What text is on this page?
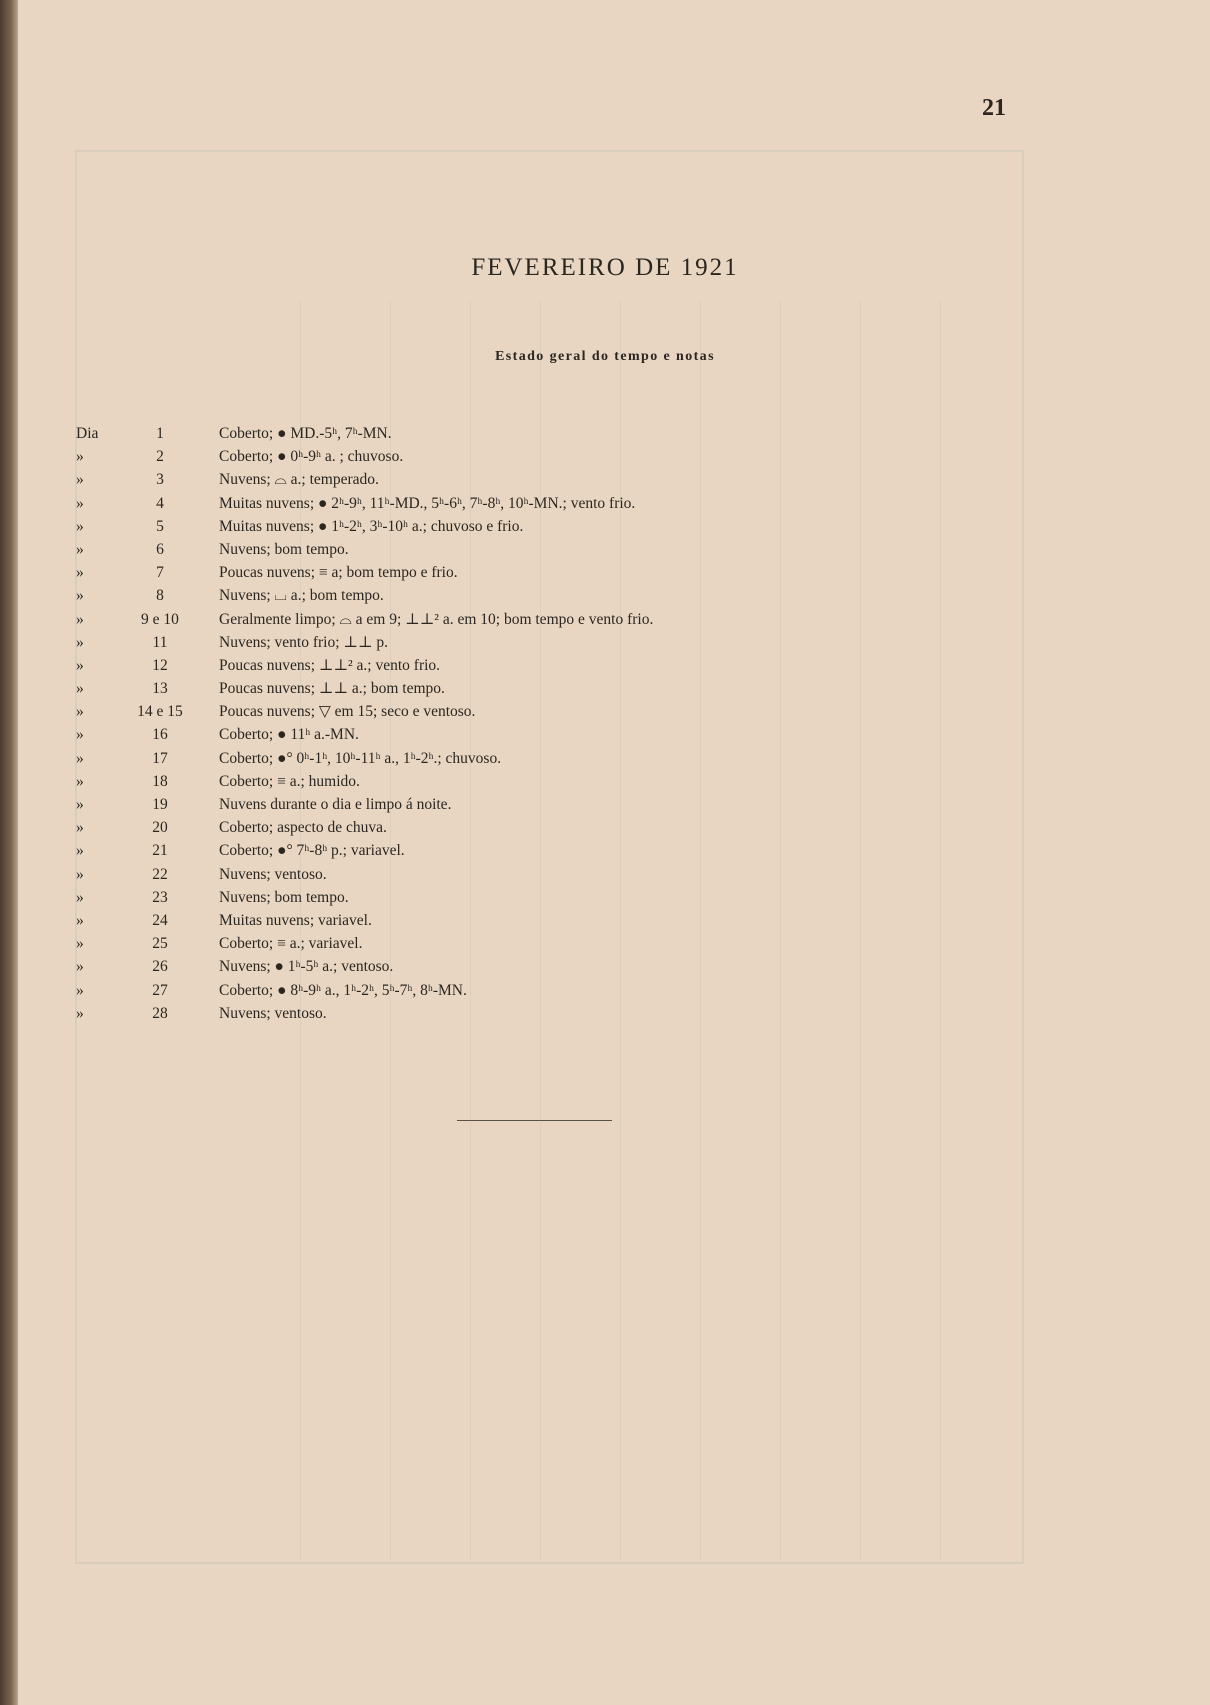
21
FEVEREIRO DE 1921
Estado geral do tempo e notas
Dia	1	Coberto; ● MD.-5ʰ, 7ʰ-MN.
»	2	Coberto; ● 0ʰ-9ʰ a. ; chuvoso.
»	3	Nuvens; ⌓ a.; temperado.
»	4	Muitas nuvens; ● 2ʰ-9ʰ, 11ʰ-MD., 5ʰ-6ʰ, 7ʰ-8ʰ, 10ʰ-MN.; vento frio.
»	5	Muitas nuvens; ● 1ʰ-2ʰ, 3ʰ-10ʰ a.; chuvoso e frio.
»	6	Nuvens; bom tempo.
»	7	Poucas nuvens; ≡ a; bom tempo e frio.
»	8	Nuvens; ⌴ a.; bom tempo.
»	9 e 10	Geralmente limpo; ⌓ a em 9; ⊥⊥² a. em 10; bom tempo e vento frio.
»	11	Nuvens; vento frio; ⊥⊥ p.
»	12	Poucas nuvens; ⊥⊥² a.; vento frio.
»	13	Poucas nuvens; ⊥⊥ a.; bom tempo.
»	14 e 15	Poucas nuvens; ▽ em 15; seco e ventoso.
»	16	Coberto; ● 11ʰ a.-MN.
»	17	Coberto; ●° 0ʰ-1ʰ, 10ʰ-11ʰ a., 1ʰ-2ʰ.; chuvoso.
»	18	Coberto; ≡ a.; humido.
»	19	Nuvens durante o dia e limpo á noite.
»	20	Coberto; aspecto de chuva.
»	21	Coberto; ●° 7ʰ-8ʰ p.; variavel.
»	22	Nuvens; ventoso.
»	23	Nuvens; bom tempo.
»	24	Muitas nuvens; variavel.
»	25	Coberto; ≡ a.; variavel.
»	26	Nuvens; ● 1ʰ-5ʰ a.; ventoso.
»	27	Coberto; ● 8ʰ-9ʰ a., 1ʰ-2ʰ, 5ʰ-7ʰ, 8ʰ-MN.
»	28	Nuvens; ventoso.
